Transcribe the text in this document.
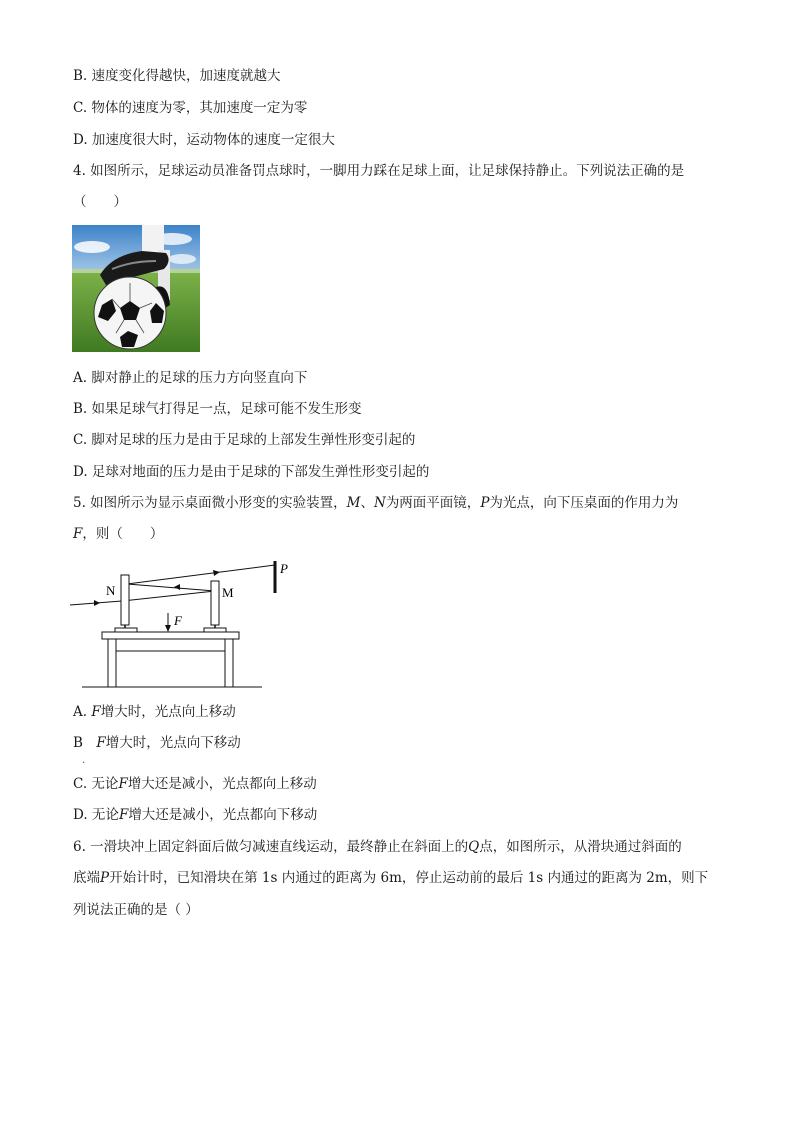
B. 速度变化得越快，加速度就越大
C. 物体的速度为零，其加速度一定为零
D. 加速度很大时，运动物体的速度一定很大
4. 如图所示，足球运动员准备罚点球时，一脚用力踩在足球上面，让足球保持静止。下列说法正确的是
（　　）
A. 脚对静止的足球的压力方向竖直向下
B. 如果足球气打得足一点，足球可能不发生形变
C. 脚对足球的压力是由于足球的上部发生弹性形变引起的
D. 足球对地面的压力是由于足球的下部发生弹性形变引起的
5. 如图所示为显示桌面微小形变的实验装置，M、N为两面平面镜，P为光点，向下压桌面的作用力为
F，则（　　）
P
N	M
F
A. F增大时，光点向上移动
B　F增大时，光点向下移动
.
C. 无论F增大还是减小，光点都向上移动
D. 无论F增大还是减小，光点都向下移动
6. 一滑块冲上固定斜面后做匀减速直线运动，最终静止在斜面上的Q点，如图所示，从滑块通过斜面的
底端P开始计时，已知滑块在第 1s 内通过的距离为 6m，停止运动前的最后 1s 内通过的距离为 2m，则下
列说法正确的是（ ）
